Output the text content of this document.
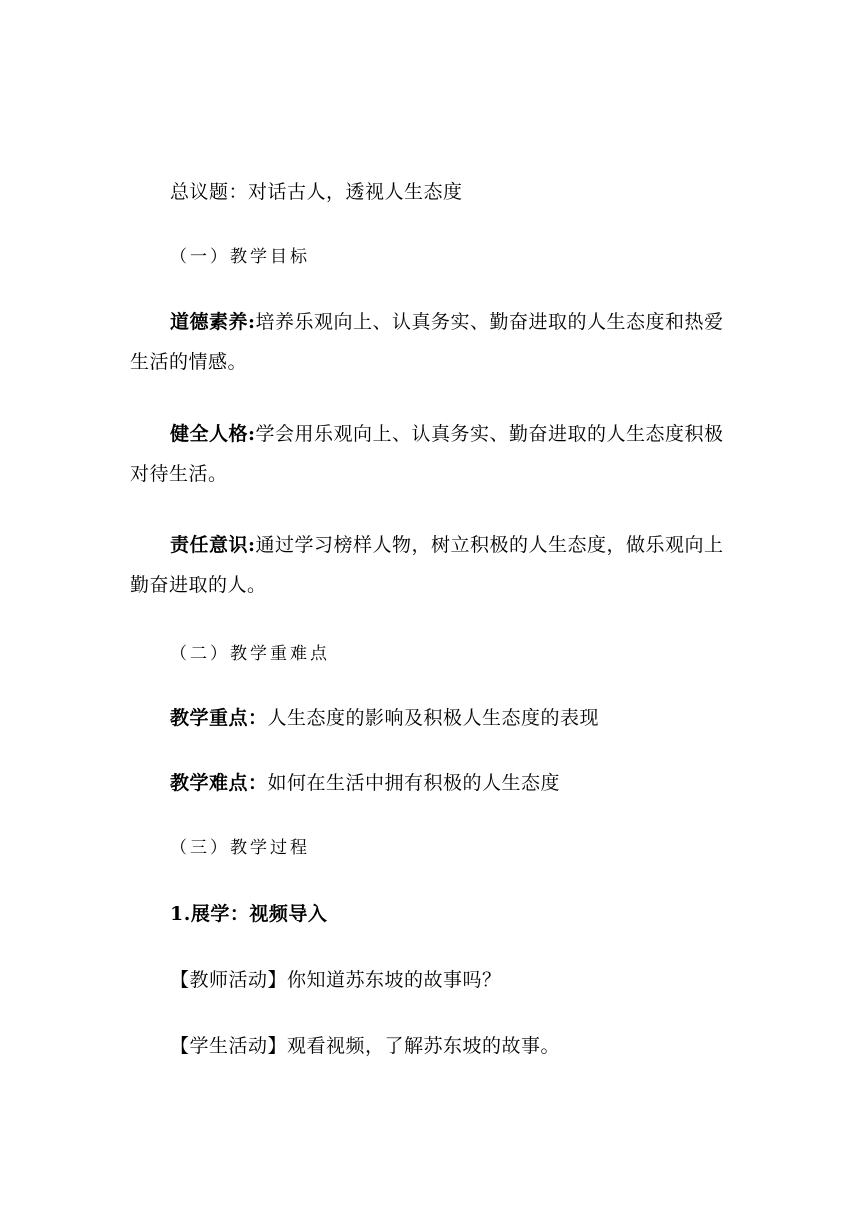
总议题：对话古人，透视人生态度
（一）教学目标
道德素养:培养乐观向上、认真务实、勤奋进取的人生态度和热爱生活的情感。
健全人格:学会用乐观向上、认真务实、勤奋进取的人生态度积极对待生活。
责任意识:通过学习榜样人物，树立积极的人生态度，做乐观向上勤奋进取的人。
（二）教学重难点
教学重点：人生态度的影响及积极人生态度的表现
教学难点：如何在生活中拥有积极的人生态度
（三）教学过程
1.展学：视频导入
【教师活动】你知道苏东坡的故事吗？
【学生活动】观看视频，了解苏东坡的故事。
